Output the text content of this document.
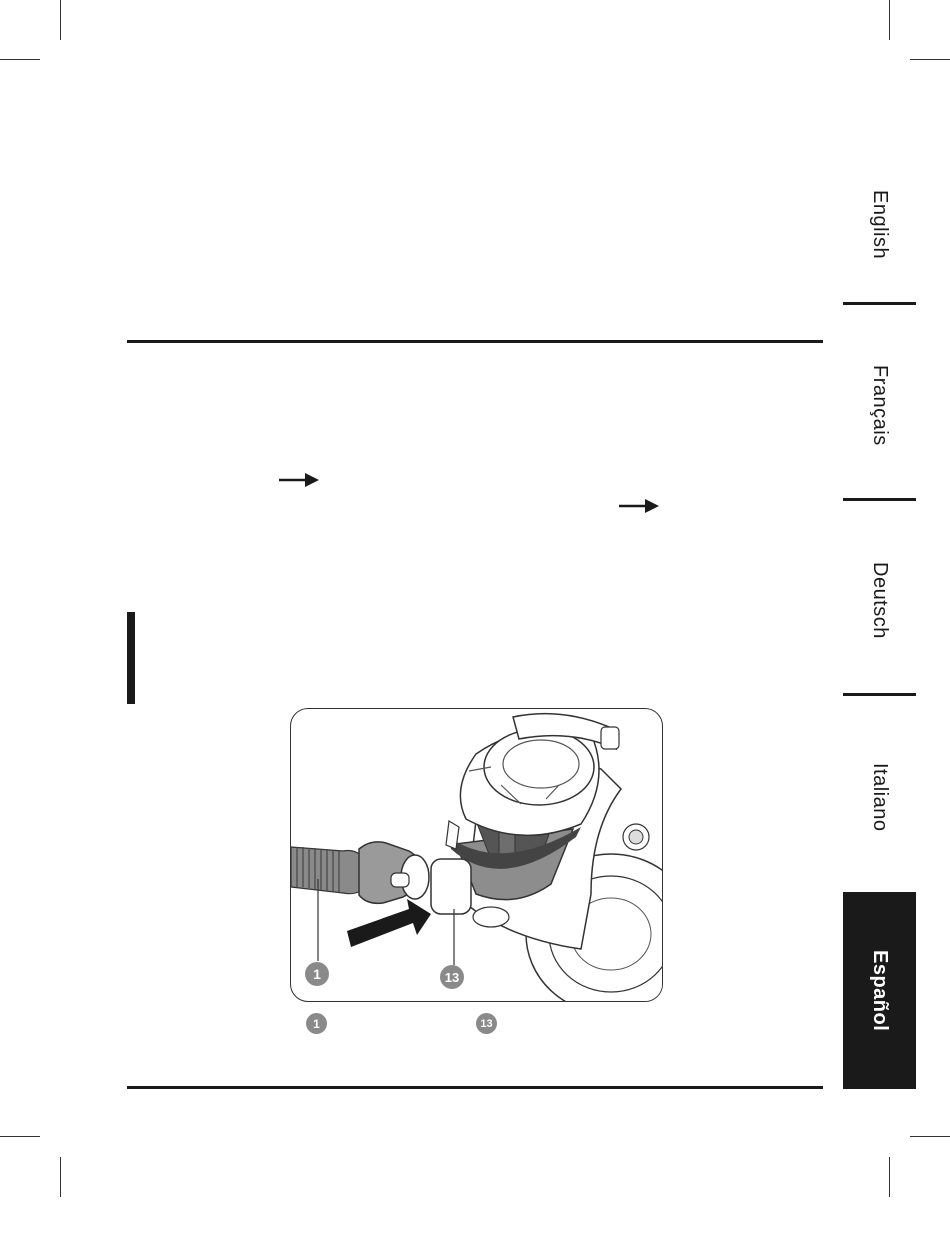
English
Français
Deutsch
Italiano
Español
1	13
1	13
